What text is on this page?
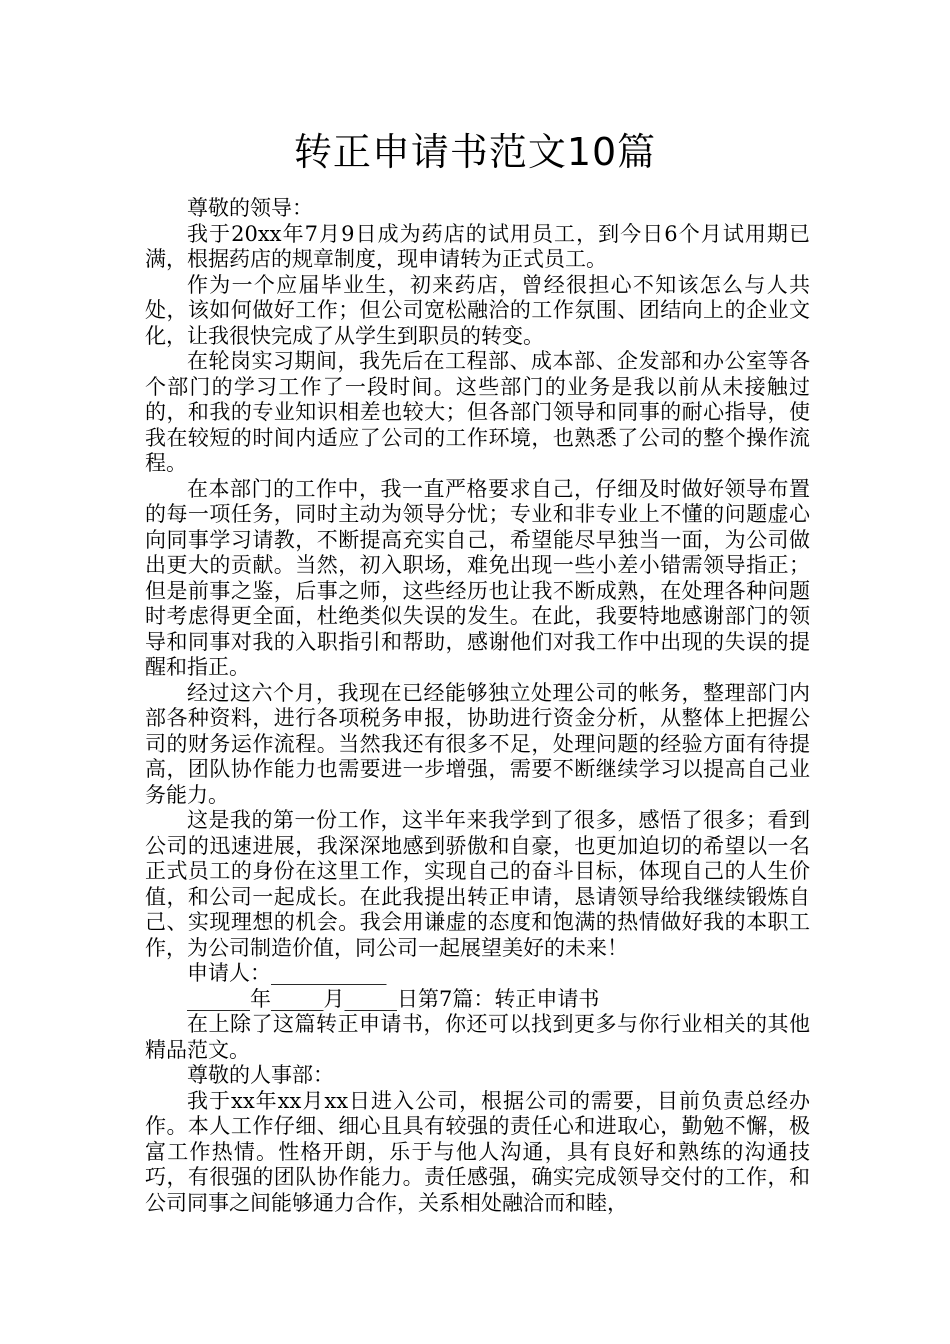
转正申请书范文10篇

尊敬的领导：

我于20xx年7月9日成为药店的试用员工，到今日6个月试用期已满，根据药店的规章制度，现申请转为正式员工。

作为一个应届毕业生，初来药店，曾经很担心不知该怎么与人共处，该如何做好工作；但公司宽松融洽的工作氛围、团结向上的企业文化，让我很快完成了从学生到职员的转变。

在轮岗实习期间，我先后在工程部、成本部、企发部和办公室等各个部门的学习工作了一段时间。这些部门的业务是我以前从未接触过的，和我的专业知识相差也较大；但各部门领导和同事的耐心指导，使我在较短的时间内适应了公司的工作环境，也熟悉了公司的整个操作流程。

在本部门的工作中，我一直严格要求自己，仔细及时做好领导布置的每一项任务，同时主动为领导分忧；专业和非专业上不懂的问题虚心向同事学习请教，不断提高充实自己，希望能尽早独当一面，为公司做出更大的贡献。当然，初入职场，难免出现一些小差小错需领导指正；但是前事之鉴，后事之师，这些经历也让我不断成熟，在处理各种问题时考虑得更全面，杜绝类似失误的发生。在此，我要特地感谢部门的领导和同事对我的入职指引和帮助，感谢他们对我工作中出现的失误的提醒和指正。

经过这六个月，我现在已经能够独立处理公司的帐务，整理部门内部各种资料，进行各项税务申报，协助进行资金分析，从整体上把握公司的财务运作流程。当然我还有很多不足，处理问题的经验方面有待提高，团队协作能力也需要进一步增强，需要不断继续学习以提高自己业务能力。

这是我的第一份工作，这半年来我学到了很多，感悟了很多；看到公司的迅速进展，我深深地感到骄傲和自豪，也更加迫切的希望以一名正式员工的身份在这里工作，实现自己的奋斗目标，体现自己的人生价值，和公司一起成长。在此我提出转正申请，恳请领导给我继续锻炼自己、实现理想的机会。我会用谦虚的态度和饱满的热情做好我的本职工作，为公司制造价值，同公司一起展望美好的未来！

申请人：___________

______年_____月_____日第7篇：转正申请书

在上除了这篇转正申请书，你还可以找到更多与你行业相关的其他精品范文。

尊敬的人事部：

我于xx年xx月xx日进入公司，根据公司的需要，目前负责总经办作。本人工作仔细、细心且具有较强的责任心和进取心，勤勉不懈，极富工作热情。性格开朗，乐于与他人沟通，具有良好和熟练的沟通技巧，有很强的团队协作能力。责任感强，确实完成领导交付的工作，和公司同事之间能够通力合作，关系相处融洽而和睦，
